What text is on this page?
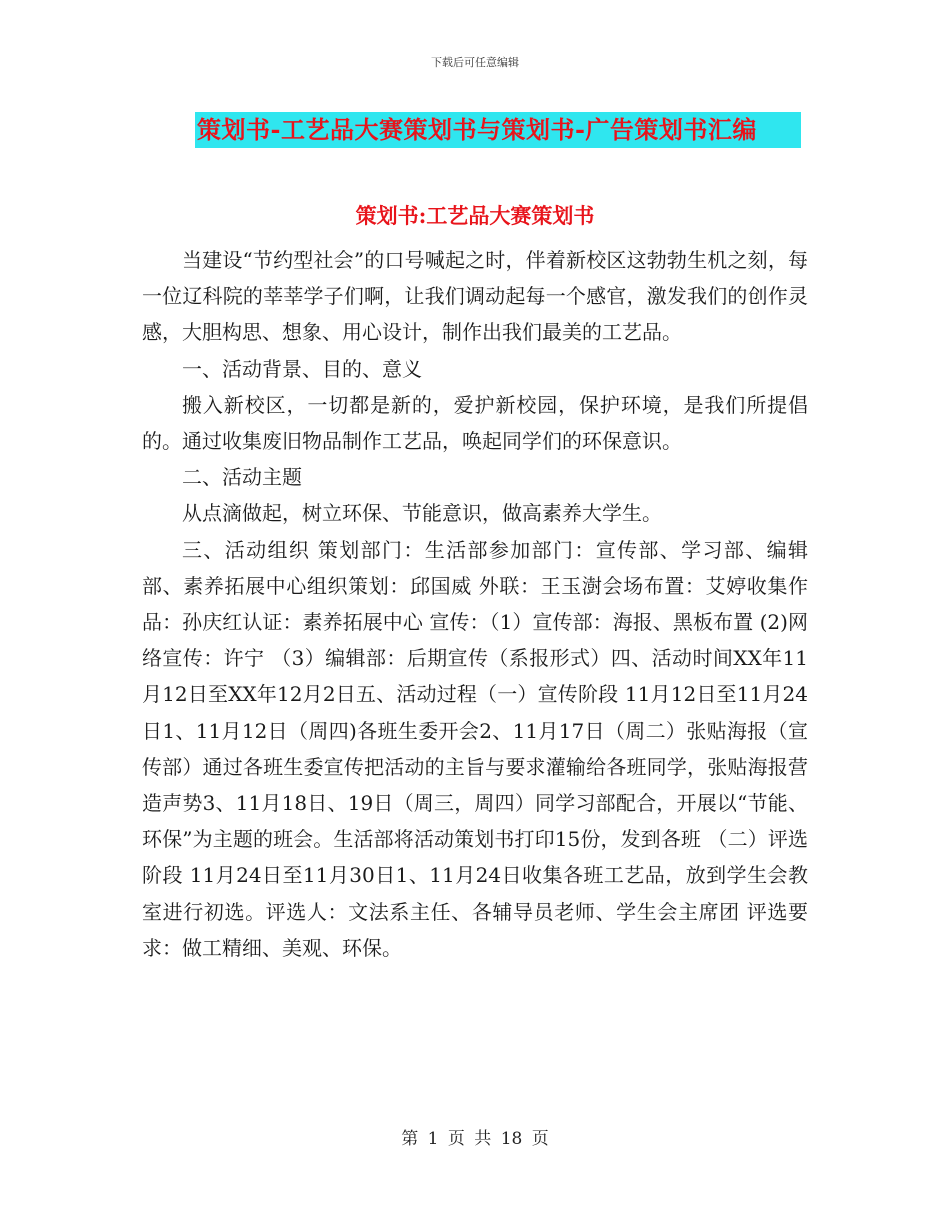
下载后可任意编辑
策划书-工艺品大赛策划书与策划书-广告策划书汇编
策划书:工艺品大赛策划书

当建设“节约型社会”的口号喊起之时，伴着新校区这勃勃生机之刻，每一位辽科院的莘莘学子们啊，让我们调动起每一个感官，激发我们的创作灵感，大胆构思、想象、用心设计，制作出我们最美的工艺品。

一、活动背景、目的、意义

搬入新校区，一切都是新的，爱护新校园，保护环境，是我们所提倡的。通过收集废旧物品制作工艺品，唤起同学们的环保意识。

二、活动主题

从点滴做起，树立环保、节能意识，做高素养大学生。

三、活动组织 策划部门：生活部参加部门：宣传部、学习部、编辑部、素养拓展中心组织策划：邱国威 外联：王玉澍会场布置：艾婷收集作品：孙庆红认证：素养拓展中心 宣传：（1）宣传部：海报、黑板布置 (2)网络宣传：许宁 （3）编辑部：后期宣传（系报形式）四、活动时间XX年11月12日至XX年12月2日五、活动过程（一）宣传阶段 11月12日至11月24日1、11月12日（周四)各班生委开会2、11月17日（周二）张贴海报（宣传部）通过各班生委宣传把活动的主旨与要求灌输给各班同学，张贴海报营造声势3、11月18日、19日（周三，周四）同学习部配合，开展以“节能、环保”为主题的班会。生活部将活动策划书打印15份，发到各班 （二）评选阶段 11月24日至11月30日1、11月24日收集各班工艺品，放到学生会教室进行初选。评选人：文法系主任、各辅导员老师、学生会主席团 评选要求：做工精细、美观、环保。

第 1 页 共 18 页
